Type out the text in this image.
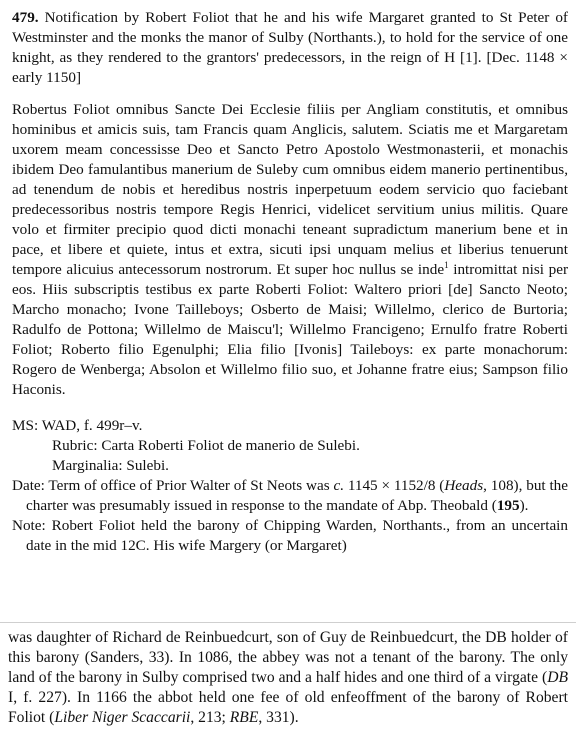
479. Notification by Robert Foliot that he and his wife Margaret granted to St Peter of Westminster and the monks the manor of Sulby (Northants.), to hold for the service of one knight, as they rendered to the grantors' predecessors, in the reign of H [1]. [Dec. 1148 × early 1150]

Robertus Foliot omnibus Sancte Dei Ecclesie filiis per Angliam constitutis, et omnibus hominibus et amicis suis, tam Francis quam Anglicis, salutem. Sciatis me et Margaretam uxorem meam concessisse Deo et Sancto Petro Apostolo Westmonasterii, et monachis ibidem Deo famulantibus manerium de Suleby cum omnibus eidem manerio pertinentibus, ad tenendum de nobis et heredibus nostris inperpetuum eodem servicio quo faciebant predecessoribus nostris tempore Regis Henrici, videlicet servitium unius militis. Quare volo et firmiter precipio quod dicti monachi teneant supradictum manerium bene et in pace, et libere et quiete, intus et extra, sicuti ipsi unquam melius et liberius tenuerunt tempore alicuius antecessorum nostrorum. Et super hoc nullus se inde$^1$ intromittat nisi per eos. Hiis subscriptis testibus ex parte Roberti Foliot: Waltero priori [de] Sancto Neoto; Marcho monacho; Ivone Tailleboys; Osberto de Maisi; Willelmo, clerico de Burtoria; Radulfo de Pottona; Willelmo de Maiscu'l; Willelmo Francigeno; Ernulfo fratre Roberti Foliot; Roberto filio Egenulphi; Elia filio [Ivonis] Taileboys: ex parte monachorum: Rogero de Wenberga; Absolon et Willelmo filio suo, et Johanne fratre eius; Sampson filio Haconis.

MS: WAD, f. 499r–v.
Rubric: Carta Roberti Foliot de manerio de Sulebi.
Marginalia: Sulebi.
Date: Term of office of Prior Walter of St Neots was c. 1145 × 1152/8 (Heads, 108), but the charter was presumably issued in response to the mandate of Abp. Theobald (195).
Note: Robert Foliot held the barony of Chipping Warden, Northants., from an uncertain date in the mid 12C. His wife Margery (or Margaret)

was daughter of Richard de Reinbuedcurt, son of Guy de Reinbuedcurt, the DB holder of this barony (Sanders, 33). In 1086, the abbey was not a tenant of the barony. The only land of the barony in Sulby comprised two and a half hides and one third of a virgate (DB I, f. 227). In 1166 the abbot held one fee of old enfeoffment of the barony of Robert Foliot (Liber Niger Scaccarii, 213; RBE, 331).
